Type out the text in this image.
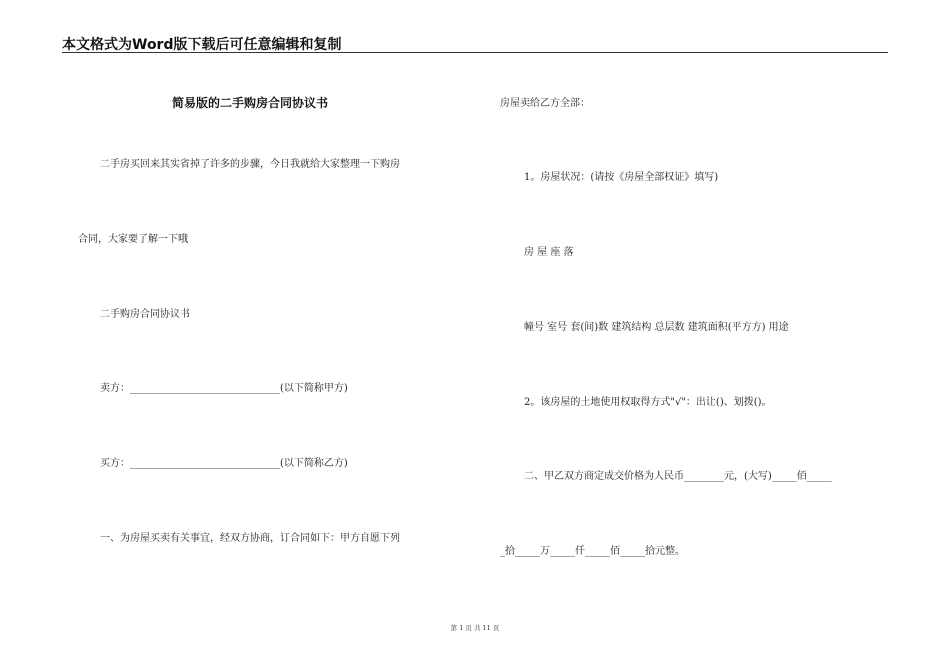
本文格式为Word版下载后可任意编辑和复制
简易版的二手购房合同协议书
二手房买回来其实省掉了许多的步骤，今日我就给大家整理一下购房
合同，大家要了解一下哦
二手购房合同协议书
卖方：______________________________(以下简称甲方)
买方：______________________________(以下简称乙方)
一、为房屋买卖有关事宜，经双方协商，订合同如下：甲方自愿下列
房屋卖给乙方全部：
1。房屋状况：(请按《房屋全部权证》填写)
房 屋 座 落
幢号 室号 套(间)数 建筑结构 总层数 建筑面积(平方方) 用途
2。该房屋的土地使用权取得方式"√"：出让()、划拨()。
二、甲乙双方商定成交价格为人民币________元，(大写)_____佰_____
_拾_____万_____仟_____佰_____拾元整。
第 1 页 共 11 页
